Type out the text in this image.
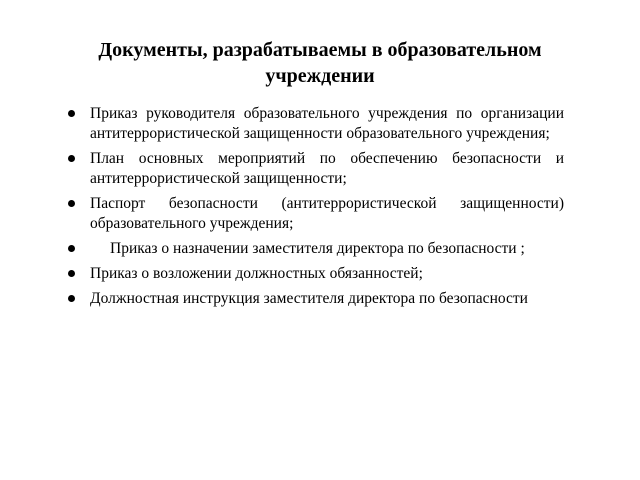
Документы, разрабатываемы в образовательном учреждении
Приказ руководителя образовательного учреждения по организации антитеррористической защищенности образовательного учреждения;
План основных мероприятий по обеспечению безопасности и антитеррористической защищенности;
Паспорт безопасности (антитеррористической защищенности) образовательного учреждения;
Приказ о назначении заместителя директора по безопасности ;
Приказ о возложении должностных обязанностей;
Должностная инструкция заместителя директора по безопасности
